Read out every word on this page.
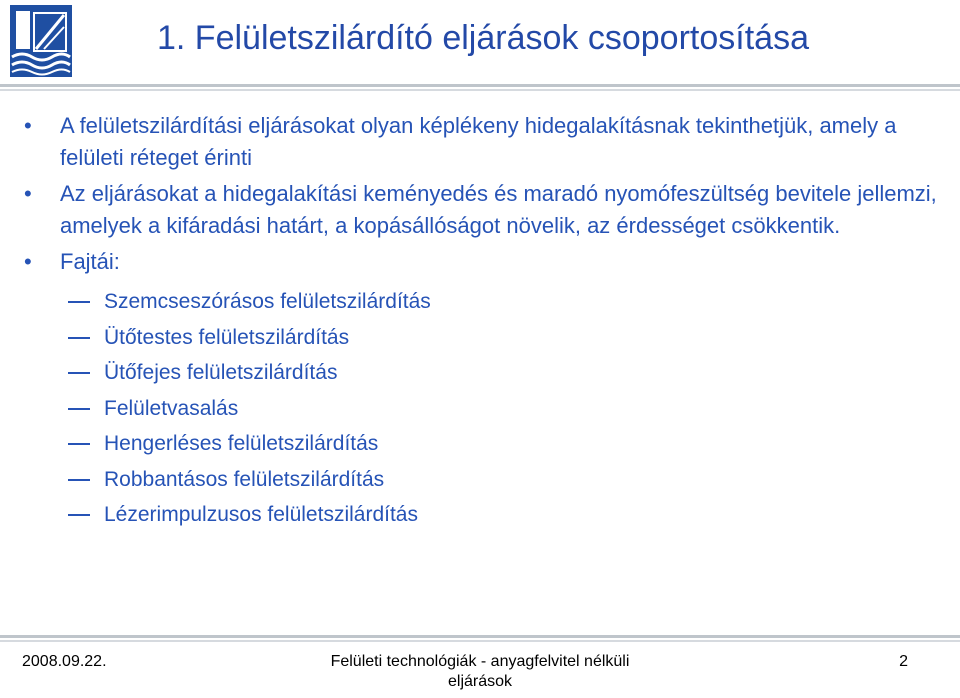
1. Felületszilárdító eljárások csoportosítása
• A felületszilárdítási eljárásokat olyan képlékeny hidegalakításnak tekinthetjük, amely a felületi réteget érinti
• Az eljárásokat a hidegalakítási keményedés és maradó nyomófeszültség bevitele jellemzi, amelyek a kifáradási határt, a kopásállóságot növelik, az érdességet csökkentik.
• Fajtái:
Szemcseszórásos felületszilárdítás
Ütőtestes felületszilárdítás
Ütőfejes felületszilárdítás
Felületvasalás
Hengerléses felületszilárdítás
Robbantásos felületszilárdítás
Lézerimpulzusos felületszilárdítás
2008.09.22.	Felületi technológiák - anyagfelvitel nélküli
eljárások
2
